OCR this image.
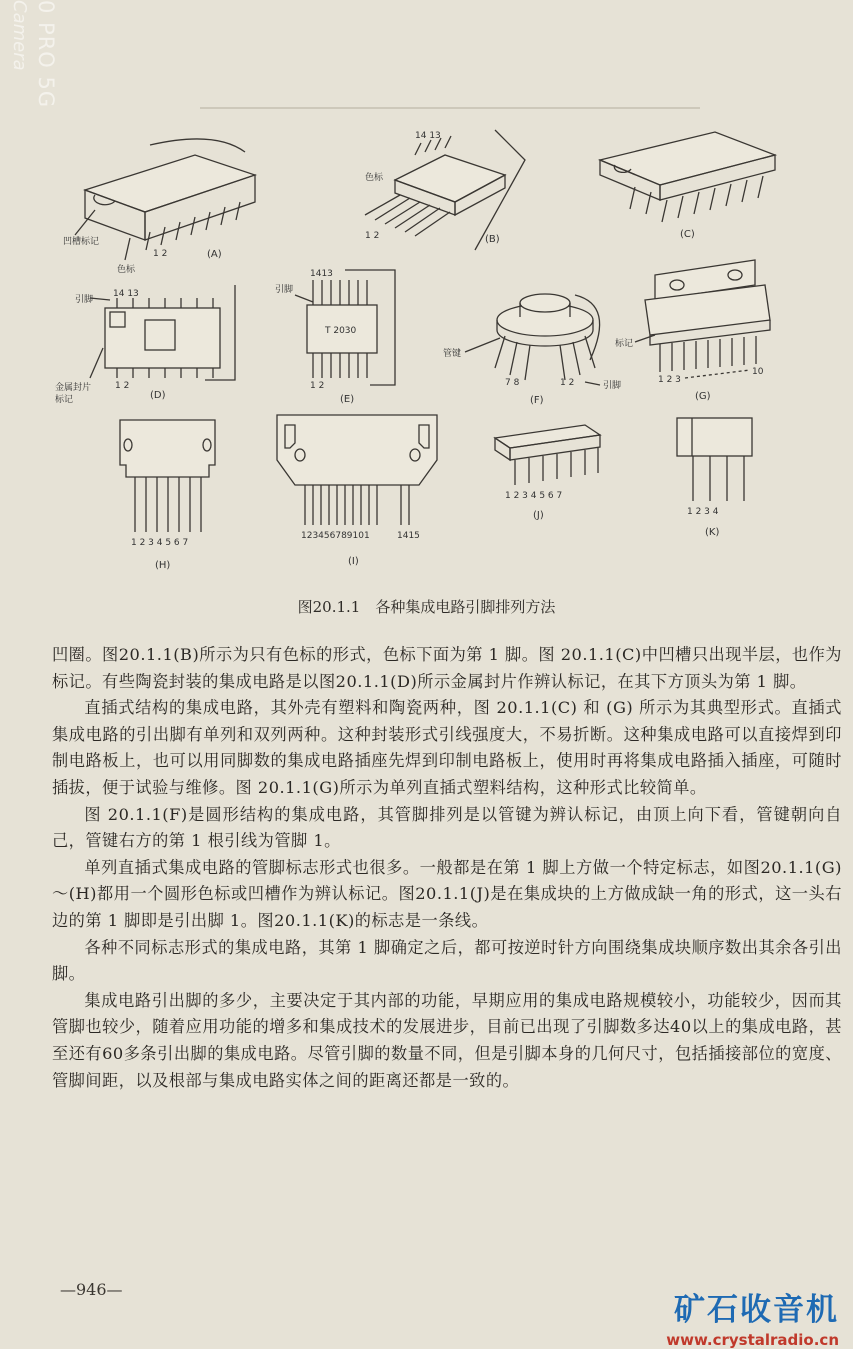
0 PRO 5G
Camera
1 2
凹槽标记
色标
(A)
14 13
色标
1 2	(B)	(C)
14 13
引脚
1 2
金属封片
标记	(D)
T 2030
1413
引脚
1 2
(E)
管键
7 8	1 2	引脚
(F)
标记
1 2 3
10
(G)
1 2 3 4 5 6 7
(H)
123456789101	1415
(I)
1 2 3 4 5 6 7
(J)	1 2 3 4
(K)
图20.1.1　各种集成电路引脚排列方法

凹圈。图20.1.1(B)所示为只有色标的形式，色标下面为第 1 脚。图 20.1.1(C)中凹槽只出现半层，也作为标记。有些陶瓷封装的集成电路是以图20.1.1(D)所示金属封片作辨认标记，在其下方顶头为第 1 脚。

直插式结构的集成电路，其外壳有塑料和陶瓷两种，图 20.1.1(C) 和 (G) 所示为其典型形式。直插式集成电路的引出脚有单列和双列两种。这种封装形式引线强度大，不易折断。这种集成电路可以直接焊到印制电路板上，也可以用同脚数的集成电路插座先焊到印制电路板上，使用时再将集成电路插入插座，可随时插拔，便于试验与维修。图 20.1.1(G)所示为单列直插式塑料结构，这种形式比较简单。

图 20.1.1(F)是圆形结构的集成电路，其管脚排列是以管键为辨认标记，由顶上向下看，管键朝向自己，管键右方的第 1 根引线为管脚 1。

单列直插式集成电路的管脚标志形式也很多。一般都是在第 1 脚上方做一个特定标志，如图20.1.1(G)～(H)都用一个圆形色标或凹槽作为辨认标记。图20.1.1(J)是在集成块的上方做成缺一角的形式，这一头右边的第 1 脚即是引出脚 1。图20.1.1(K)的标志是一条线。

各种不同标志形式的集成电路，其第 1 脚确定之后，都可按逆时针方向围绕集成块顺序数出其余各引出脚。

集成电路引出脚的多少，主要决定于其内部的功能，早期应用的集成电路规模较小，功能较少，因而其管脚也较少，随着应用功能的增多和集成技术的发展进步，目前已出现了引脚数多达40以上的集成电路，甚至还有60多条引出脚的集成电路。尽管引脚的数量不同，但是引脚本身的几何尺寸，包括插接部位的宽度、管脚间距，以及根部与集成电路实体之间的距离还都是一致的。

—946—
矿石收音机
www.crystalradio.cn
